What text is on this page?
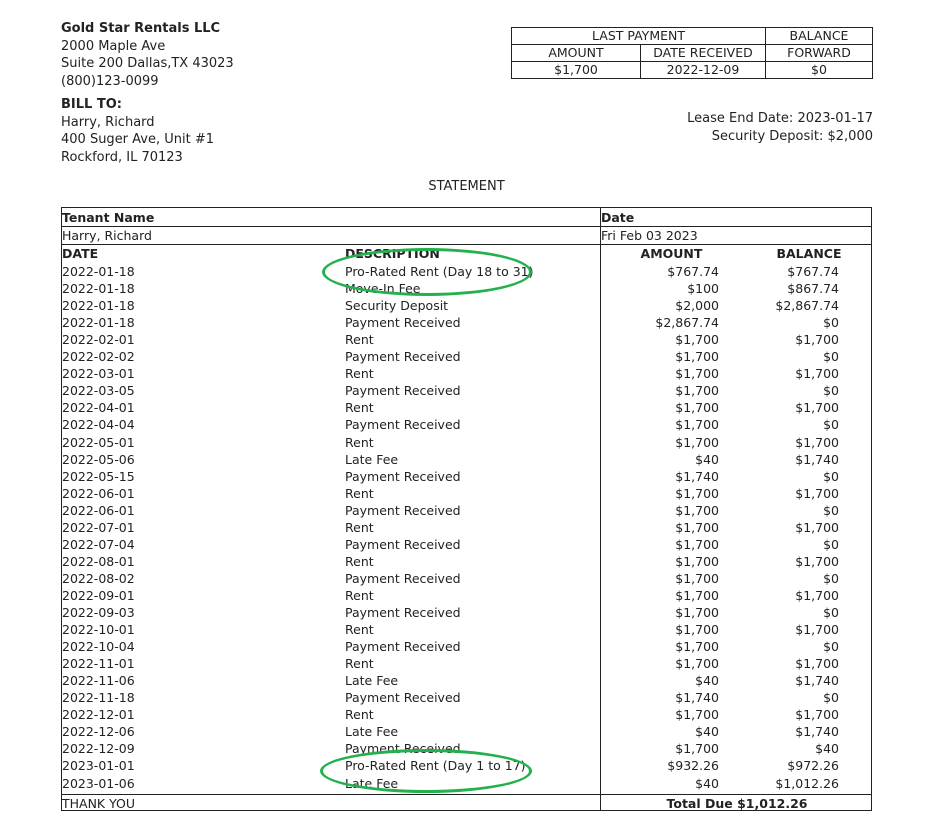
Gold Star Rentals LLC
2000 Maple Ave
Suite 200 Dallas,TX 43023
(800)123-0099
BILL TO:
Harry, Richard
400 Suger Ave, Unit #1
Rockford, IL 70123
LAST PAYMENT		BALANCE
AMOUNT	DATE RECEIVED	FORWARD
$1,700	2022-12-09	$0
Lease End Date: 2023-01-17
Security Deposit: $2,000
STATEMENT
Tenant Name	Date
Harry, Richard	Fri Feb 03 2023
DATE	DESCRIPTION	AMOUNT	BALANCE
2022-01-18	Pro-Rated Rent (Day 18 to 31)	$767.74	$767.74
2022-01-18	Move-In Fee	$100	$867.74
2022-01-18	Security Deposit	$2,000	$2,867.74
2022-01-18	Payment Received	$2,867.74	$0
2022-02-01	Rent	$1,700	$1,700
2022-02-02	Payment Received	$1,700	$0
2022-03-01	Rent	$1,700	$1,700
2022-03-05	Payment Received	$1,700	$0
2022-04-01	Rent	$1,700	$1,700
2022-04-04	Payment Received	$1,700	$0
2022-05-01	Rent	$1,700	$1,700
2022-05-06	Late Fee	$40	$1,740
2022-05-15	Payment Received	$1,740	$0
2022-06-01	Rent	$1,700	$1,700
2022-06-01	Payment Received	$1,700	$0
2022-07-01	Rent	$1,700	$1,700
2022-07-04	Payment Received	$1,700	$0
2022-08-01	Rent	$1,700	$1,700
2022-08-02	Payment Received	$1,700	$0
2022-09-01	Rent	$1,700	$1,700
2022-09-03	Payment Received	$1,700	$0
2022-10-01	Rent	$1,700	$1,700
2022-10-04	Payment Received	$1,700	$0
2022-11-01	Rent	$1,700	$1,700
2022-11-06	Late Fee	$40	$1,740
2022-11-18	Payment Received	$1,740	$0
2022-12-01	Rent	$1,700	$1,700
2022-12-06	Late Fee	$40	$1,740
2022-12-09	Payment Received	$1,700	$40
2023-01-01	Pro-Rated Rent (Day 1 to 17)	$932.26	$972.26
2023-01-06	Late Fee	$40	$1,012.26
THANK YOU	Total Due $1,012.26
